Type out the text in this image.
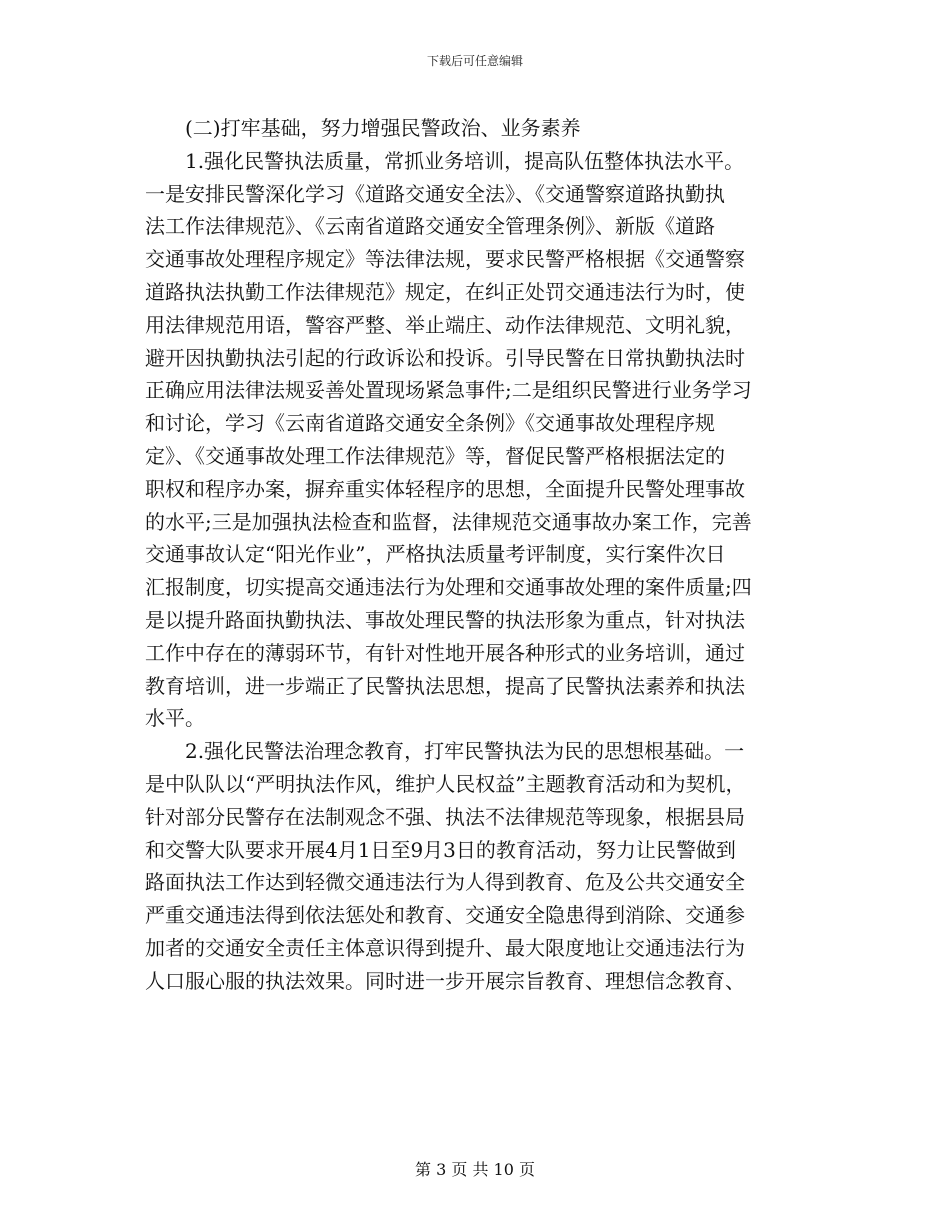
下载后可任意编辑
(二)打牢基础，努力增强民警政治、业务素养
1.强化民警执法质量，常抓业务培训，提高队伍整体执法水平。
一是安排民警深化学习《道路交通安全法》、《交通警察道路执勤执
法工作法律规范》、《云南省道路交通安全管理条例》、新版《道路
交通事故处理程序规定》等法律法规，要求民警严格根据《交通警察
道路执法执勤工作法律规范》规定，在纠正处罚交通违法行为时，使
用法律规范用语，警容严整、举止端庄、动作法律规范、文明礼貌，
避开因执勤执法引起的行政诉讼和投诉。引导民警在日常执勤执法时
正确应用法律法规妥善处置现场紧急事件;二是组织民警进行业务学习
和讨论，学习《云南省道路交通安全条例》《交通事故处理程序规
定》、《交通事故处理工作法律规范》等，督促民警严格根据法定的
职权和程序办案，摒弃重实体轻程序的思想，全面提升民警处理事故
的水平;三是加强执法检查和监督，法律规范交通事故办案工作，完善
交通事故认定“阳光作业”，严格执法质量考评制度，实行案件次日
汇报制度，切实提高交通违法行为处理和交通事故处理的案件质量;四
是以提升路面执勤执法、事故处理民警的执法形象为重点，针对执法
工作中存在的薄弱环节，有针对性地开展各种形式的业务培训，通过
教育培训，进一步端正了民警执法思想，提高了民警执法素养和执法
水平。
2.强化民警法治理念教育，打牢民警执法为民的思想根基础。一
是中队队以“严明执法作风，维护人民权益”主题教育活动和为契机，
针对部分民警存在法制观念不强、执法不法律规范等现象，根据县局
和交警大队要求开展4月1日至9月3日的教育活动，努力让民警做到
路面执法工作达到轻微交通违法行为人得到教育、危及公共交通安全
严重交通违法得到依法惩处和教育、交通安全隐患得到消除、交通参
加者的交通安全责任主体意识得到提升、最大限度地让交通违法行为
人口服心服的执法效果。同时进一步开展宗旨教育、理想信念教育、
第 3 页 共 10 页
